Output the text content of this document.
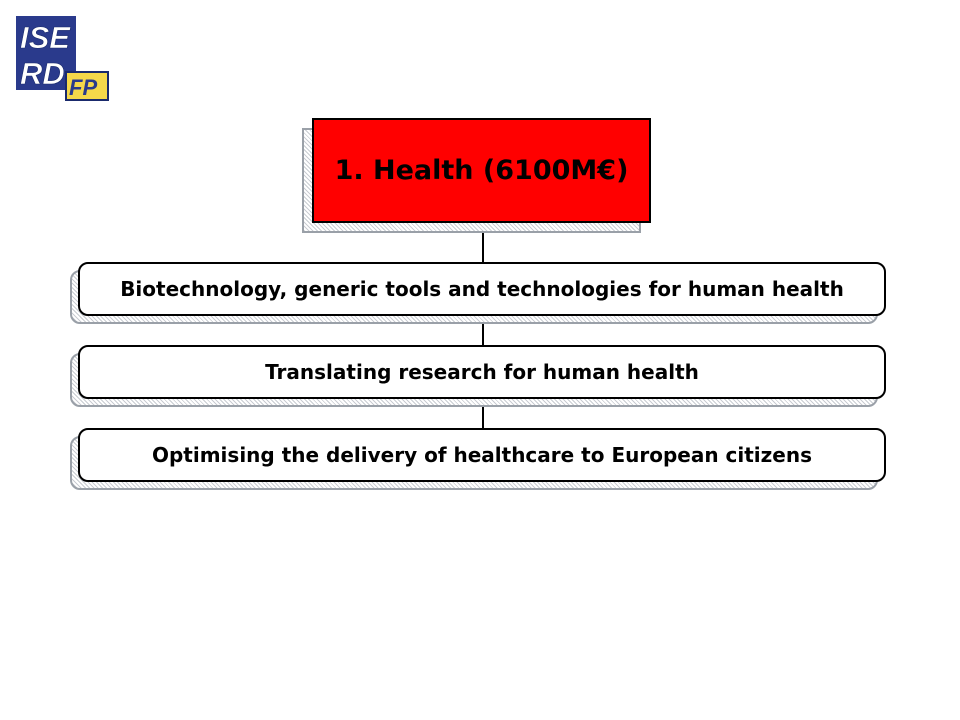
ISE
RD FP
1. Health (6100M€)
Biotechnology, generic tools and technologies for human health
Translating research for human health
Optimising the delivery of healthcare to European citizens
